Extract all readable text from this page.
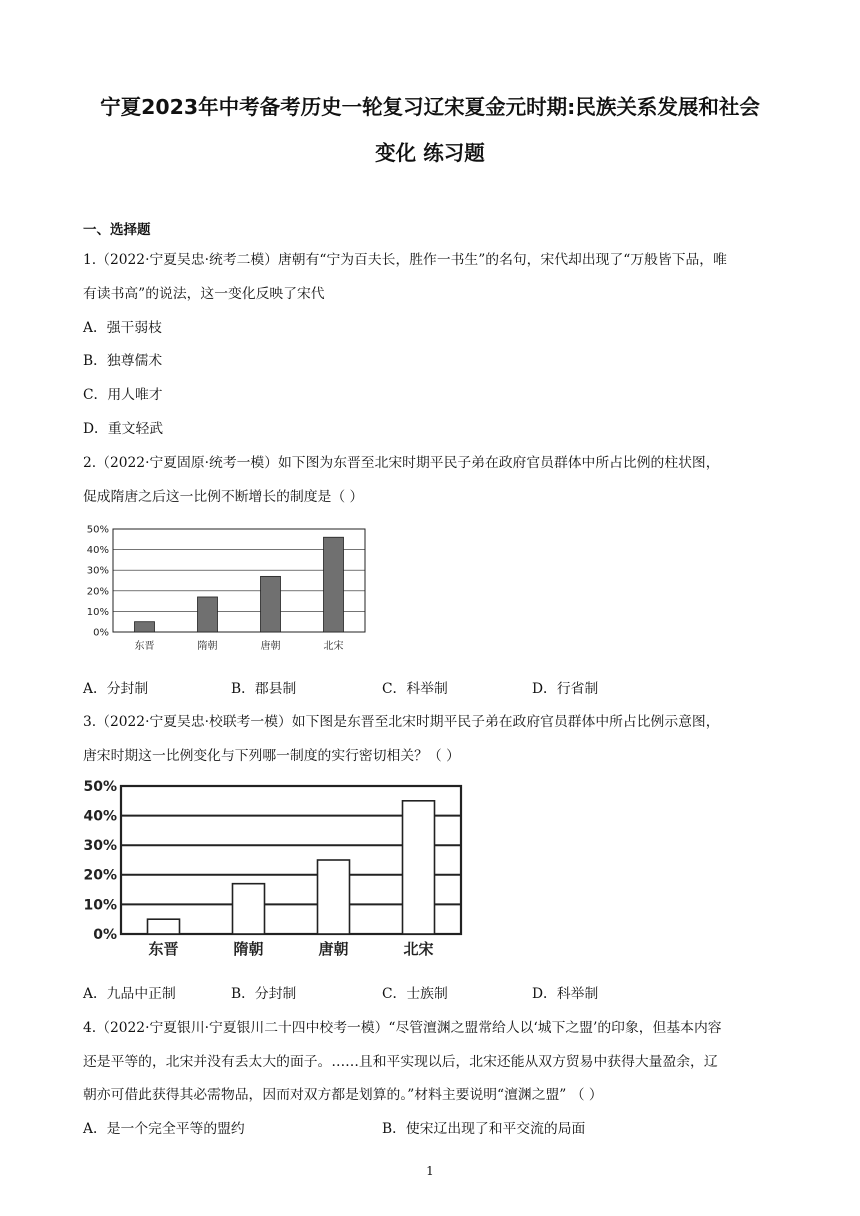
宁夏2023年中考备考历史一轮复习辽宋夏金元时期:民族关系发展和社会
变化 练习题
一、选择题
1.（2022·宁夏吴忠·统考二模）唐朝有“宁为百夫长，胜作一书生”的名句，宋代却出现了“万般皆下品，唯
有读书高”的说法，这一变化反映了宋代
A．强干弱枝
B．独尊儒术
C．用人唯才
D．重文轻武
2.（2022·宁夏固原·统考一模）如下图为东晋至北宋时期平民子弟在政府官员群体中所占比例的柱状图，
促成隋唐之后这一比例不断增长的制度是（ ）
0%
10%
20%
30%
40%
50%
东晋	隋朝	唐朝	北宋
A．分封制	B．郡县制	C．科举制	D．行省制
3.（2022·宁夏吴忠·校联考一模）如下图是东晋至北宋时期平民子弟在政府官员群体中所占比例示意图，
唐宋时期这一比例变化与下列哪一制度的实行密切相关？（ ）
0%
10%
20%
30%
40%
50%
东晋	隋朝	唐朝	北宋
A．九品中正制	B．分封制	C．士族制	D．科举制
4.（2022·宁夏银川·宁夏银川二十四中校考一模）“尽管澶渊之盟常给人以‘城下之盟’的印象，但基本内容
还是平等的，北宋并没有丢太大的面子。……且和平实现以后，北宋还能从双方贸易中获得大量盈余，辽
朝亦可借此获得其必需物品，因而对双方都是划算的。”材料主要说明“澶渊之盟” （ ）
A．是一个完全平等的盟约	B．使宋辽出现了和平交流的局面
1
